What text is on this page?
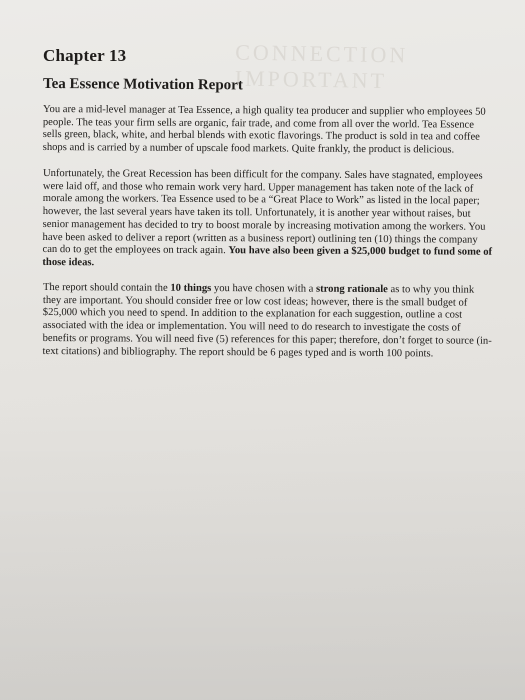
CONNECTION IMPORTANT
Chapter 13
Tea Essence Motivation Report

You are a mid-level manager at Tea Essence, a high quality tea producer and supplier who employees 50 people. The teas your firm sells are organic, fair trade, and come from all over the world. Tea Essence sells green, black, white, and herbal blends with exotic flavorings. The product is sold in tea and coffee shops and is carried by a number of upscale food markets. Quite frankly, the product is delicious.

Unfortunately, the Great Recession has been difficult for the company. Sales have stagnated, employees were laid off, and those who remain work very hard. Upper management has taken note of the lack of morale among the workers. Tea Essence used to be a “Great Place to Work” as listed in the local paper; however, the last several years have taken its toll. Unfortunately, it is another year without raises, but senior management has decided to try to boost morale by increasing motivation among the workers. You have been asked to deliver a report (written as a business report) outlining ten (10) things the company can do to get the employees on track again. You have also been given a $25,000 budget to fund some of those ideas.

The report should contain the 10 things you have chosen with a strong rationale as to why you think they are important. You should consider free or low cost ideas; however, there is the small budget of $25,000 which you need to spend. In addition to the explanation for each suggestion, outline a cost associated with the idea or implementation. You will need to do research to investigate the costs of benefits or programs. You will need five (5) references for this paper; therefore, don’t forget to source (in-text citations) and bibliography. The report should be 6 pages typed and is worth 100 points.
